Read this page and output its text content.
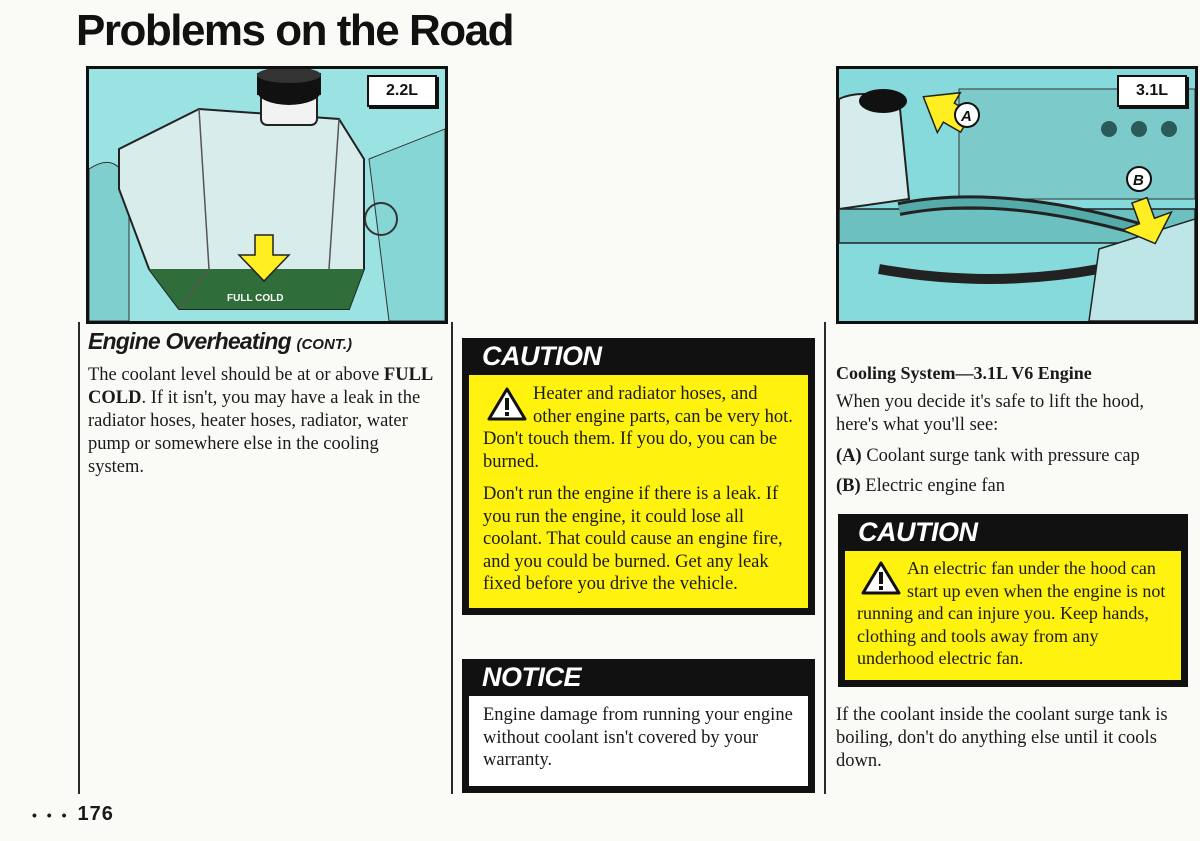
Problems on the Road
FULL COLD
2.2L
A
B
3.1L
Engine Overheating (CONT.)

The coolant level should be at or above FULL COLD. If it isn't, you may have a leak in the radiator hoses, heater hoses, radiator, water pump or somewhere else in the cooling system.

CAUTION

Heater and radiator hoses, and other engine parts, can be very hot. Don't touch them. If you do, you can be burned.

Don't run the engine if there is a leak. If you run the engine, it could lose all coolant. That could cause an engine fire, and you could be burned. Get any leak fixed before you drive the vehicle.

NOTICE

Engine damage from running your engine without coolant isn't covered by your warranty.

Cooling System—3.1L V6 Engine

When you decide it's safe to lift the hood, here's what you'll see:

(A) Coolant surge tank with pressure cap

(B) Electric engine fan

CAUTION

An electric fan under the hood can start up even when the engine is not running and can injure you. Keep hands, clothing and tools away from any underhood electric fan.

If the coolant inside the coolant surge tank is boiling, don't do anything else until it cools down.

• • • 176
